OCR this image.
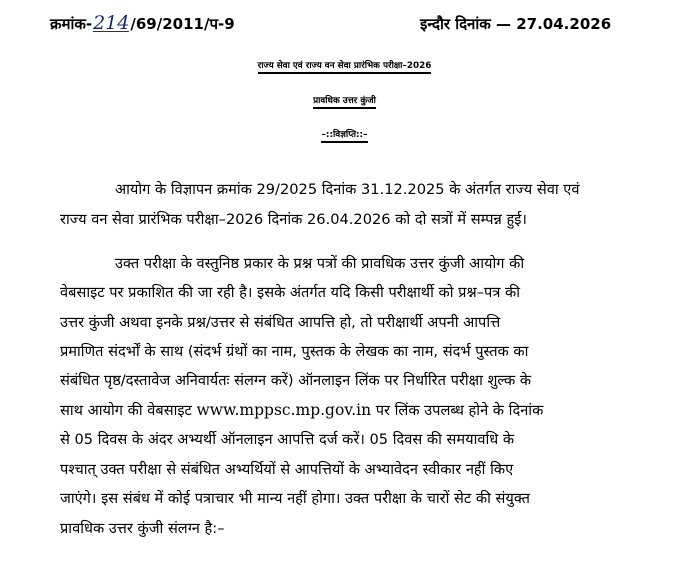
क्रमांक-214/69/2011/प-9	इन्दौर दिनांक — 27.04.2026
राज्य सेवा एवं राज्य वन सेवा प्रारंभिक परीक्षा–2026
प्रावधिक उत्तर कुंजी
–::विज्ञप्ति::–
आयोग के विज्ञापन क्रमांक 29/2025 दिनांक 31.12.2025 के अंतर्गत राज्य सेवा एवं
राज्य वन सेवा प्रारंभिक परीक्षा–2026 दिनांक 26.04.2026 को दो सत्रों में सम्पन्न हुई।
उक्त परीक्षा के वस्तुनिष्ठ प्रकार के प्रश्न पत्रों की प्रावधिक उत्तर कुंजी आयोग की
वेबसाइट पर प्रकाशित की जा रही है। इसके अंतर्गत यदि किसी परीक्षार्थी को प्रश्न–पत्र की
उत्तर कुंजी अथवा इनके प्रश्न/उत्तर से संबंधित आपत्ति हो, तो परीक्षार्थी अपनी आपत्ति
प्रमाणित संदर्भों के साथ (संदर्भ ग्रंथों का नाम, पुस्तक के लेखक का नाम, संदर्भ पुस्तक का
संबंधित पृष्ठ/दस्तावेज अनिवार्यतः संलग्न करें) ऑनलाइन लिंक पर निर्धारित परीक्षा शुल्क के
साथ आयोग की वेबसाइट www.mppsc.mp.gov.in पर लिंक उपलब्ध होने के दिनांक
से 05 दिवस के अंदर अभ्यर्थी ऑनलाइन आपत्ति दर्ज करें। 05 दिवस की समयावधि के
पश्चात् उक्त परीक्षा से संबंधित अभ्यर्थियों से आपत्तियों के अभ्यावेदन स्वीकार नहीं किए
जाएंगे। इस संबंध में कोई पत्राचार भी मान्य नहीं होगा। उक्त परीक्षा के चारों सेट की संयुक्त
प्रावधिक उत्तर कुंजी संलग्न है:–
